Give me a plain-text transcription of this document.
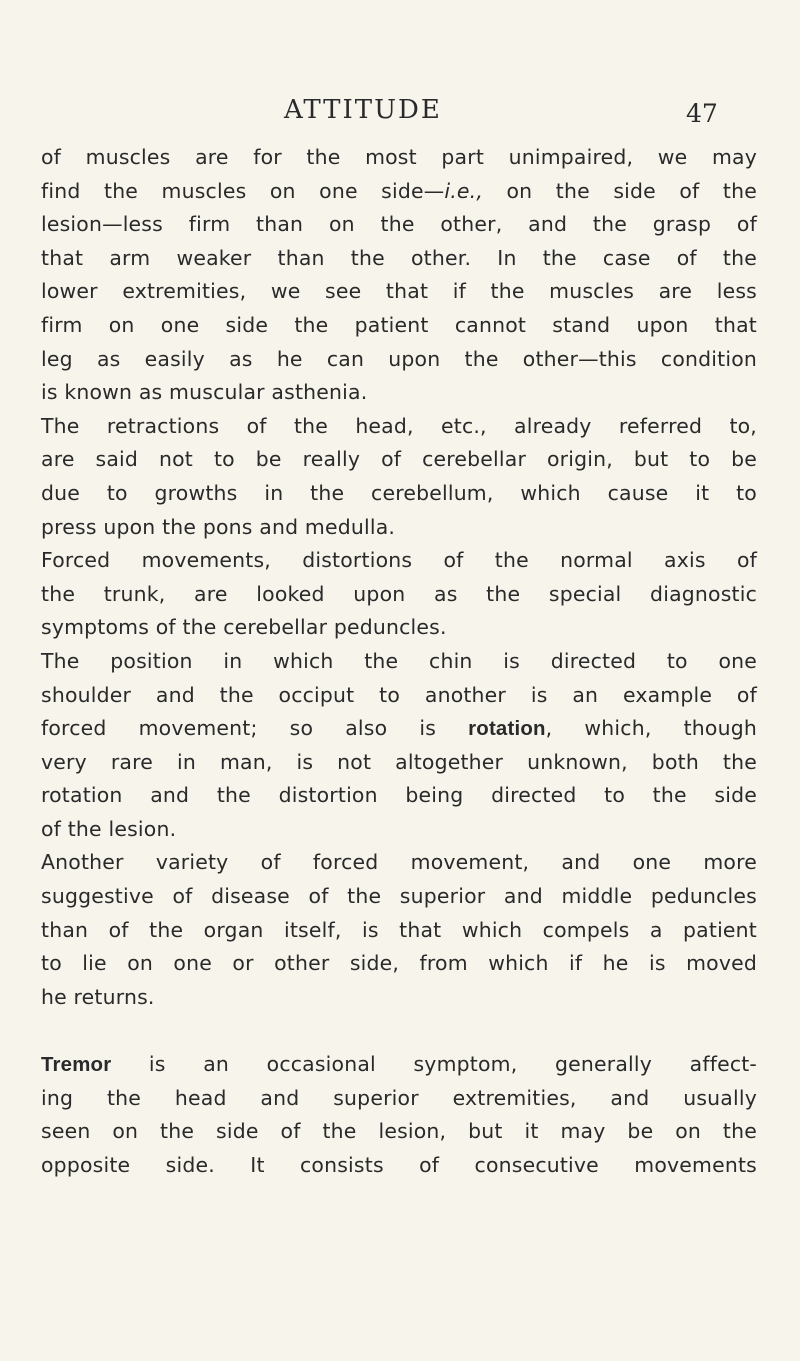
ATTITUDE	47
of muscles are for the most part unimpaired, we may
find the muscles on one side—i.e., on the side of the
lesion—less firm than on the other, and the grasp of
that arm weaker than the other. In the case of the
lower extremities, we see that if the muscles are less
firm on one side the patient cannot stand upon that
leg as easily as he can upon the other—this condition
is known as muscular asthenia.
The retractions of the head, etc., already referred to,
are said not to be really of cerebellar origin, but to be
due to growths in the cerebellum, which cause it to
press upon the pons and medulla.
Forced movements, distortions of the normal axis of
the trunk, are looked upon as the special diagnostic
symptoms of the cerebellar peduncles.
The position in which the chin is directed to one
shoulder and the occiput to another is an example of
forced movement; so also is rotation, which, though
very rare in man, is not altogether unknown, both the
rotation and the distortion being directed to the side
of the lesion.
Another variety of forced movement, and one more
suggestive of disease of the superior and middle peduncles
than of the organ itself, is that which compels a patient
to lie on one or other side, from which if he is moved
he returns.
Tremor is an occasional symptom, generally affect-
ing the head and superior extremities, and usually
seen on the side of the lesion, but it may be on the
opposite side. It consists of consecutive movements
